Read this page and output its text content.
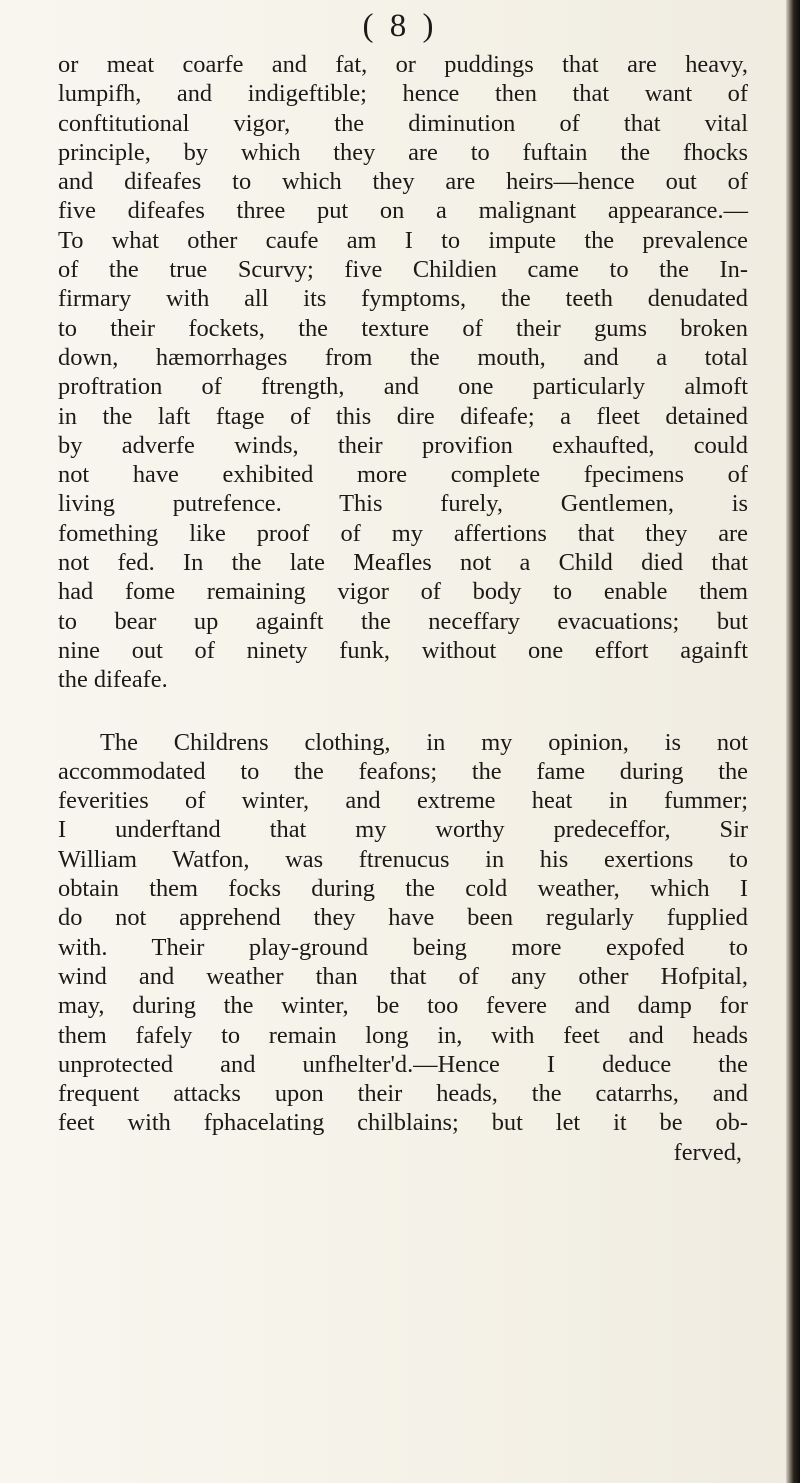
( 8 )
or meat coarfe and fat, or puddings that are heavy,
lumpifh, and indigeftible; hence then that want of
conftitutional vigor, the diminution of that vital
principle, by which they are to fuftain the fhocks
and difeafes to which they are heirs—hence out of
five difeafes three put on a malignant appearance.—
To what other caufe am I to impute the prevalence
of the true Scurvy; five Childien came to the In-
firmary with all its fymptoms, the teeth denudated
to their fockets, the texture of their gums broken
down, hæmorrhages from the mouth, and a total
proftration of ftrength, and one particularly almoft
in the laft ftage of this dire difeafe; a fleet detained
by adverfe winds, their provifion exhaufted, could
not have exhibited more complete fpecimens of
living putrefence. This furely, Gentlemen, is
fomething like proof of my affertions that they are
not fed. In the late Meafles not a Child died that
had fome remaining vigor of body to enable them
to bear up againft the neceffary evacuations; but
nine out of ninety funk, without one effort againft
the difeafe.
The Childrens clothing, in my opinion, is not
accommodated to the feafons; the fame during the
feverities of winter, and extreme heat in fummer;
I underftand that my worthy predeceffor, Sir
William Watfon, was ftrenucus in his exertions to
obtain them focks during the cold weather, which I
do not apprehend they have been regularly fupplied
with. Their play-ground being more expofed to
wind and weather than that of any other Hofpital,
may, during the winter, be too fevere and damp for
them fafely to remain long in, with feet and heads
unprotected and unfhelter'd.—Hence I deduce the
frequent attacks upon their heads, the catarrhs, and
feet with fphacelating chilblains; but let it be ob-
ferved,
